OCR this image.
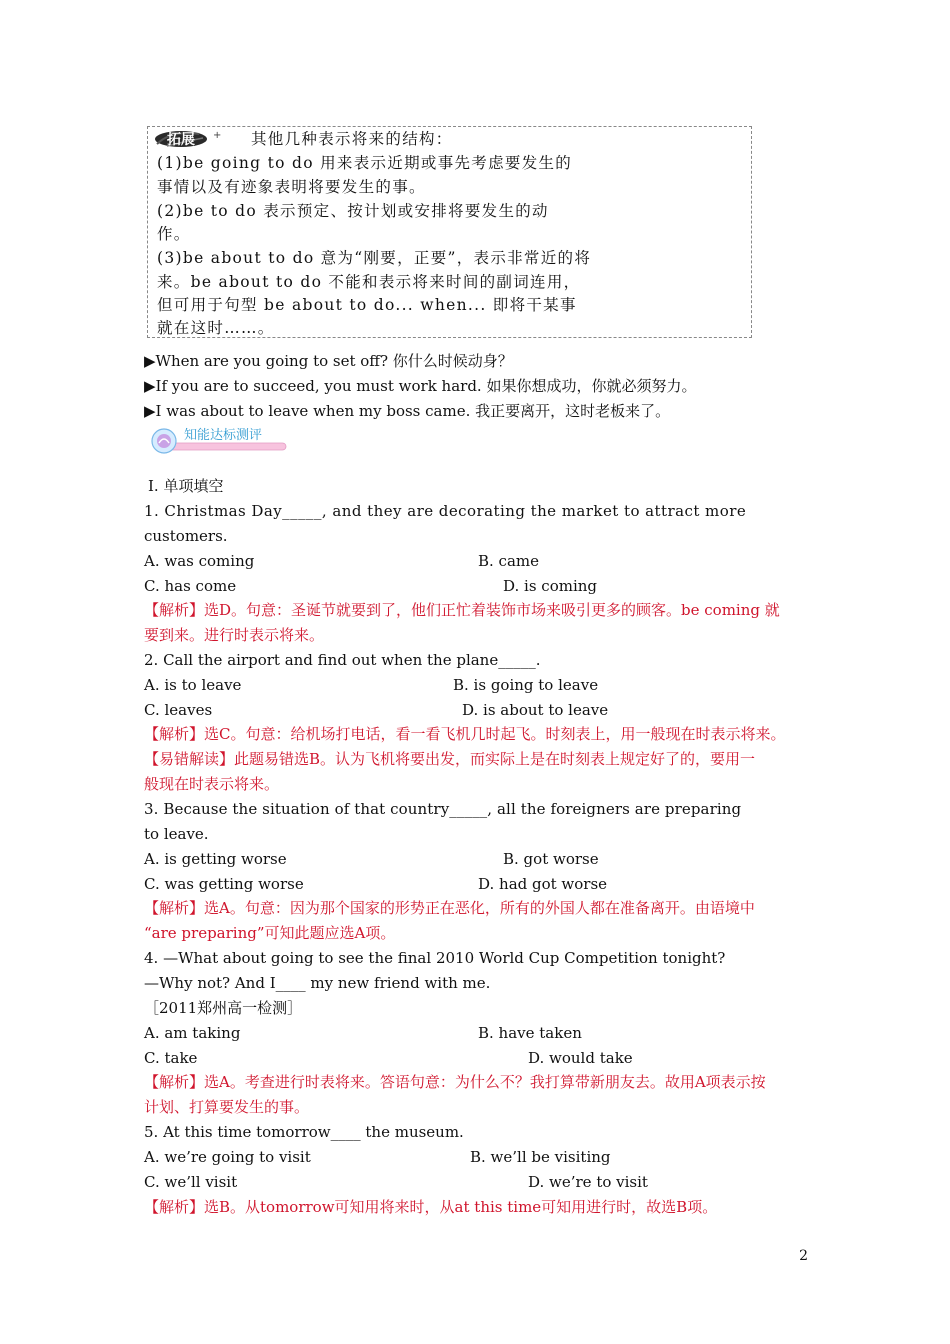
拓展 + 其他几种表示将来的结构：
(1)be going to do 用来表示近期或事先考虑要发生的
事情以及有迹象表明将要发生的事。
(2)be to do 表示预定、按计划或安排将要发生的动
作。
(3)be about to do 意为“刚要，正要”，表示非常近的将
来。be about to do 不能和表示将来时间的副词连用，
但可用于句型 be about to do... when... 即将干某事
就在这时……。
▶When are you going to set off? 你什么时候动身？
▶If you are to succeed, you must work hard. 如果你想成功，你就必须努力。
▶I was about to leave when my boss came. 我正要离开，这时老板来了。
知能达标测评
Ⅰ. 单项填空
1. Christmas Day_____, and they are decorating the market to attract more
customers.
A. was coming	B. came
C. has come	D. is coming
【解析】选D。句意：圣诞节就要到了，他们正忙着装饰市场来吸引更多的顾客。be coming 就
要到来。进行时表示将来。
2. Call the airport and find out when the plane_____.
A. is to leave	B. is going to leave
C. leaves	D. is about to leave
【解析】选C。句意：给机场打电话，看一看飞机几时起飞。时刻表上，用一般现在时表示将来。
【易错解读】此题易错选B。认为飞机将要出发，而实际上是在时刻表上规定好了的，要用一
般现在时表示将来。
3. Because the situation of that country_____, all the foreigners are preparing
to leave.
A. is getting worse	B. got worse
C. was getting worse	D. had got worse
【解析】选A。句意：因为那个国家的形势正在恶化，所有的外国人都在准备离开。由语境中
“are preparing”可知此题应选A项。
4. —What about going to see the final 2010 World Cup Competition tonight?
—Why not? And I____ my new friend with me.
［2011郑州高一检测］
A. am taking	B. have taken
C. take	D. would take
【解析】选A。考查进行时表将来。答语句意：为什么不？我打算带新朋友去。故用A项表示按
计划、打算要发生的事。
5. At this time tomorrow____ the museum.
A. we’re going to visit	B. we’ll be visiting
C. we’ll visit	D. we’re to visit
【解析】选B。从tomorrow可知用将来时，从at this time可知用进行时，故选B项。
2
